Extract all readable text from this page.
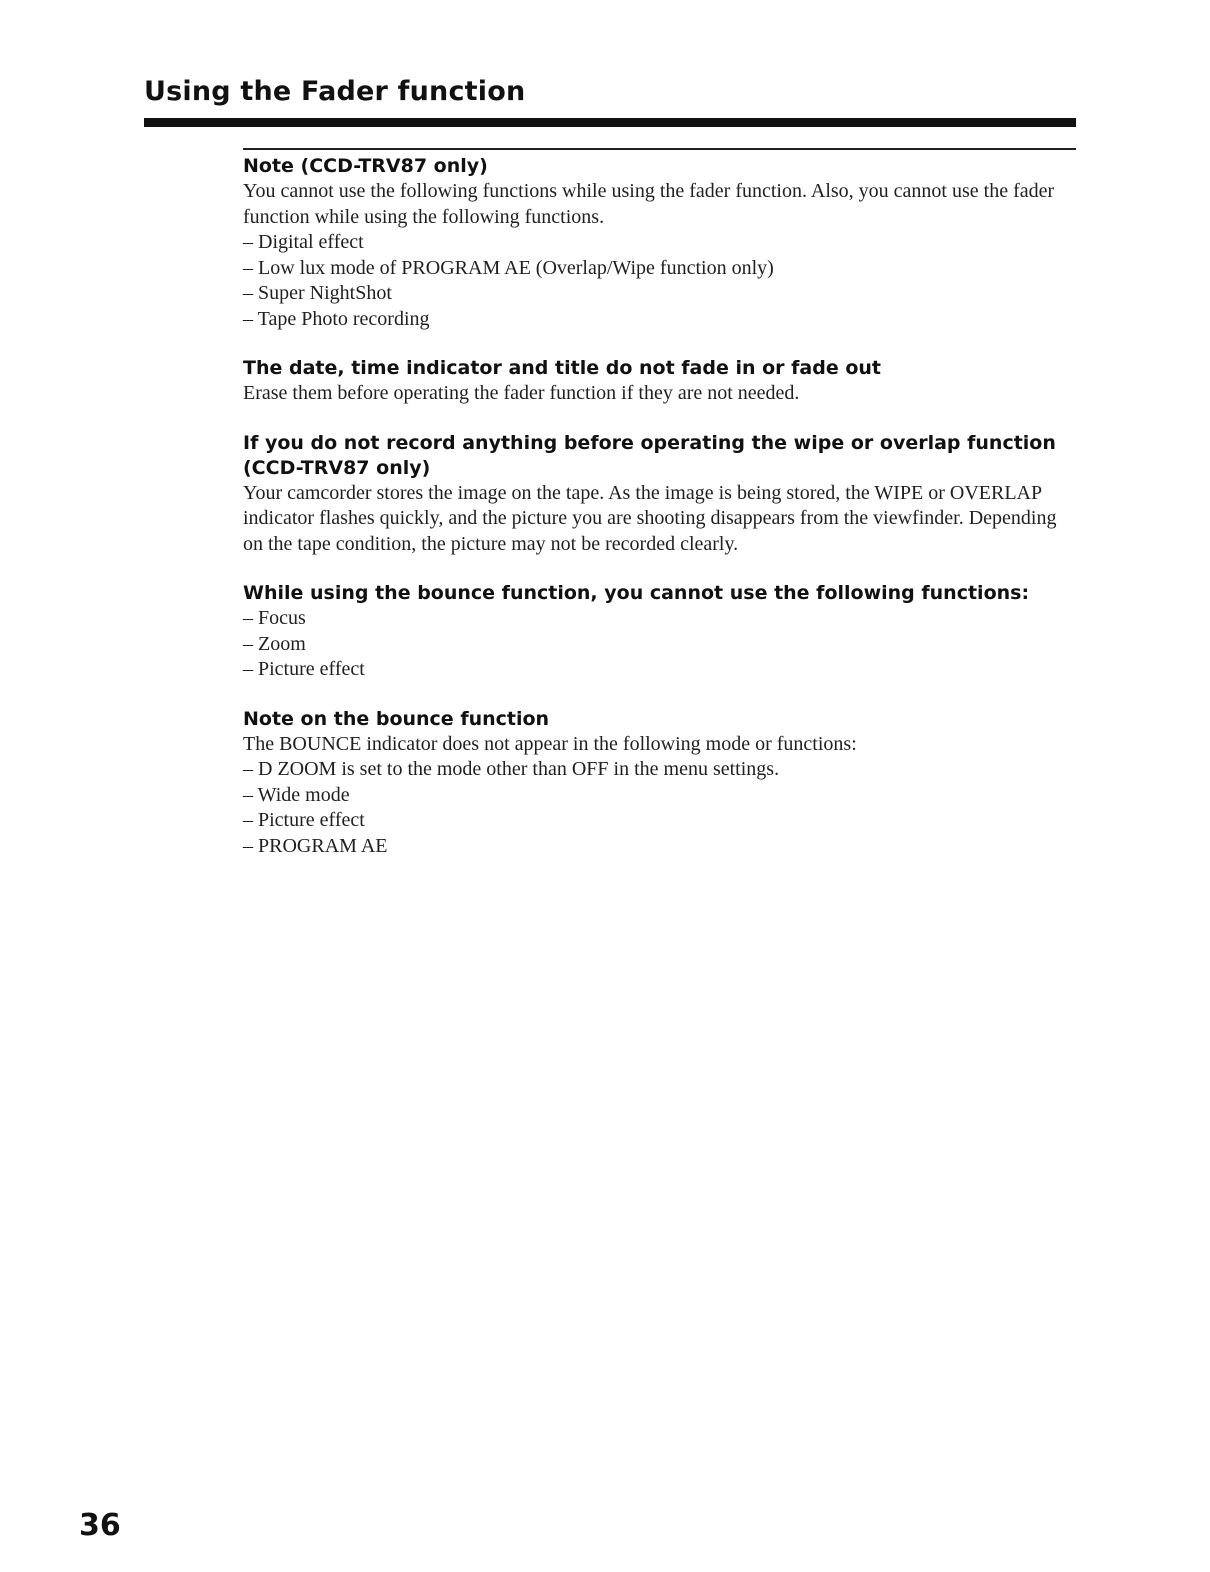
Using the Fader function

Note (CCD-TRV87 only)

You cannot use the following functions while using the fader function. Also, you cannot use the fader function while using the following functions.

– Digital effect

– Low lux mode of PROGRAM AE (Overlap/Wipe function only)

– Super NightShot

– Tape Photo recording

The date, time indicator and title do not fade in or fade out

Erase them before operating the fader function if they are not needed.

If you do not record anything before operating the wipe or overlap function (CCD-TRV87 only)

Your camcorder stores the image on the tape. As the image is being stored, the WIPE or OVERLAP indicator flashes quickly, and the picture you are shooting disappears from the viewfinder. Depending on the tape condition, the picture may not be recorded clearly.

While using the bounce function, you cannot use the following functions:

– Focus

– Zoom

– Picture effect

Note on the bounce function

The BOUNCE indicator does not appear in the following mode or functions:

– D ZOOM is set to the mode other than OFF in the menu settings.

– Wide mode

– Picture effect

– PROGRAM AE

36
